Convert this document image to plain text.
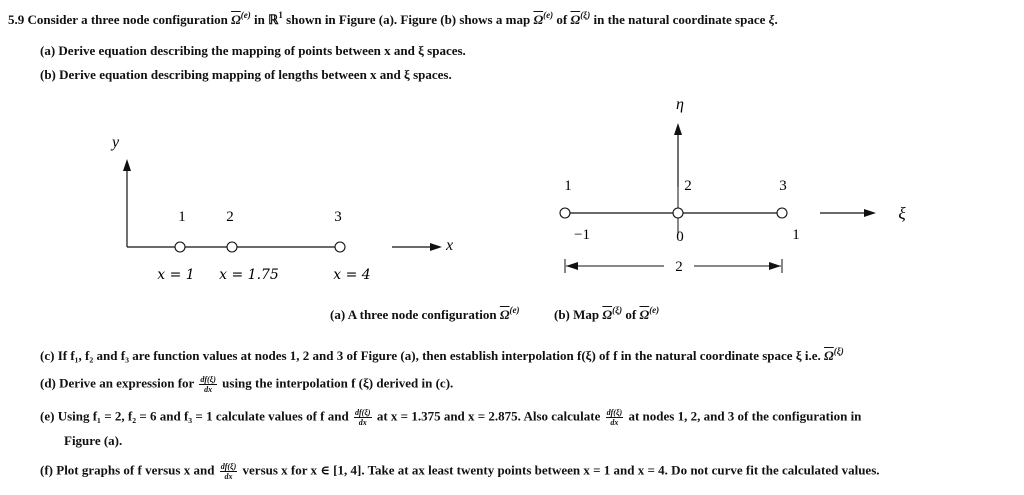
5.9 Consider a three node configuration $\overline{\Omega}^{(e)}$ in ℝ$^1$ shown in Figure (a). Figure (b) shows a map $\overline{\Omega}^{(e)}$ of $\overline{\Omega}^{(\xi)}$ in the natural coordinate space ξ.
(a) Derive equation describing the mapping of points between x and ξ spaces.
(b) Derive equation describing mapping of lengths between x and ξ spaces.
y
x
1	2	3
x = 1 x = 1.75	x = 4
η
ξ
1	2	3
−1	0	1
2
(a) A three node configuration $\overline{\Omega}^{(e)}$	(b) Map $\overline{\Omega}^{(\xi)}$ of $\overline{\Omega}^{(e)}$
(c) If f₁, f₂ and f₃ are function values at nodes 1, 2 and 3 of Figure (a), then establish interpolation f(ξ) of f in the natural coordinate space ξ i.e. $\overline{\Omega}^{(\xi)}$
(d) Derive an expression for $\frac{df(\xi)}{dx}$ using the interpolation f (ξ) derived in (c).
(e) Using f₁ = 2, f₂ = 6 and f₃ = 1 calculate values of f and $\frac{df(\xi)}{dx}$ at x = 1.375 and x = 2.875. Also calculate $\frac{df(\xi)}{dx}$ at nodes 1, 2, and 3 of the configuration in
Figure (a).
(f) Plot graphs of f versus x and $\frac{df(\xi)}{dx}$ versus x for x ∈ [1, 4]. Take at ax least twenty points between x = 1 and x = 4. Do not curve fit the calculated values.
